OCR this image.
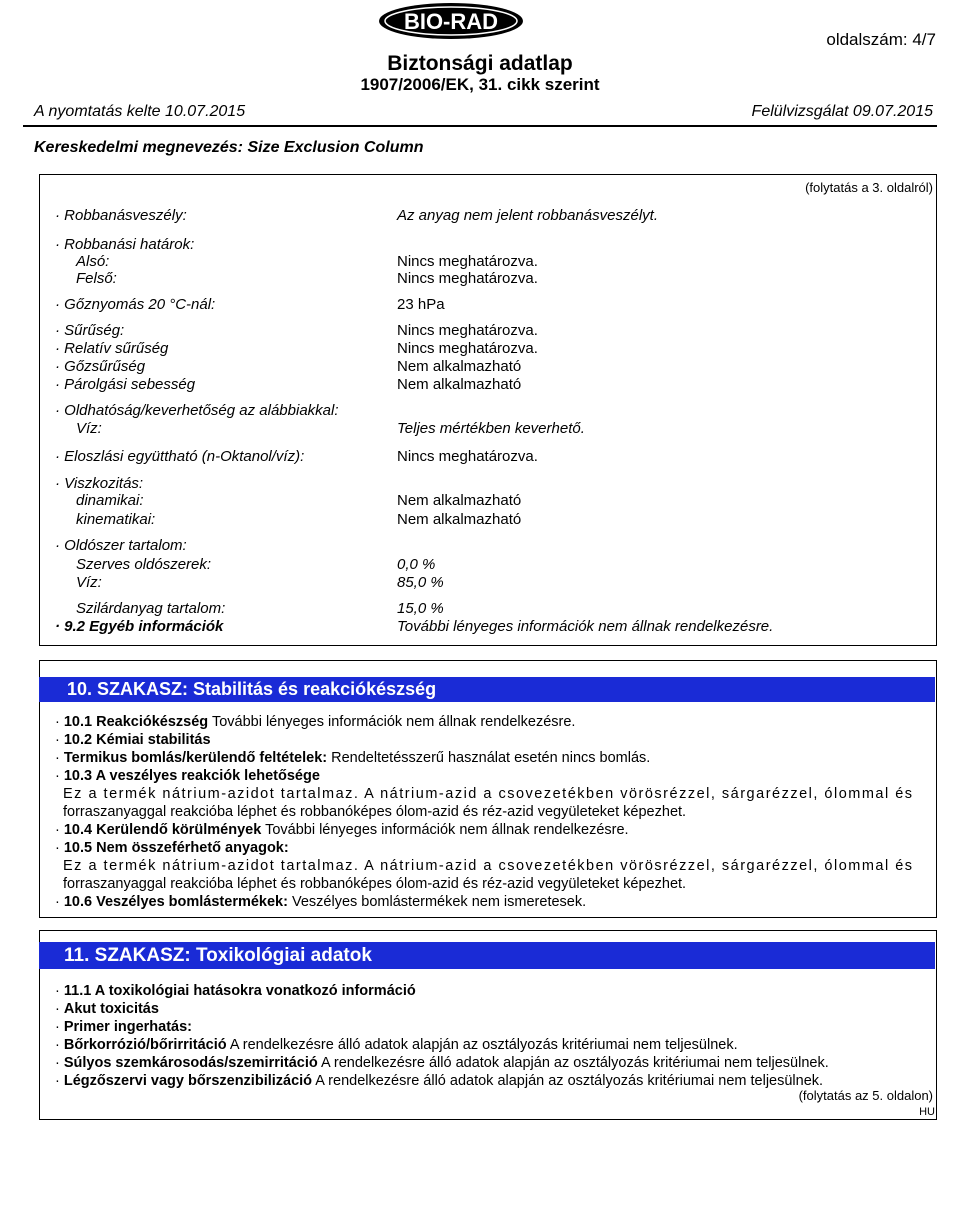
BIO-RAD
oldalszám: 4/7
Biztonsági adatlap
1907/2006/EK, 31. cikk szerint
A nyomtatás kelte 10.07.2015	Felülvizsgálat 09.07.2015
Kereskedelmi megnevezés: Size Exclusion Column
(folytatás a 3. oldalról)
· Robbanásveszély:	Az anyag nem jelent robbanásveszélyt.
· Robbanási határok:
Alsó:	Nincs meghatározva.
Felső:	Nincs meghatározva.
· Gőznyomás 20 °C-nál:	23 hPa
· Sűrűség:	Nincs meghatározva.
· Relatív sűrűség	Nincs meghatározva.
· Gőzsűrűség	Nem alkalmazható
· Párolgási sebesség	Nem alkalmazható
· Oldhatóság/keverhetőség az alábbiakkal:
Víz:	Teljes mértékben keverhető.
· Eloszlási együttható (n-Oktanol/víz):	Nincs meghatározva.
· Viszkozitás:
dinamikai:	Nem alkalmazható
kinematikai:	Nem alkalmazható
· Oldószer tartalom:
Szerves oldószerek:	0,0 %
Víz:	85,0 %
Szilárdanyag tartalom:	15,0 %
· 9.2 Egyéb információk	További lényeges információk nem állnak rendelkezésre.
10. SZAKASZ: Stabilitás és reakciókészség
· 10.1 Reakciókészség További lényeges információk nem állnak rendelkezésre.
· 10.2 Kémiai stabilitás
· Termikus bomlás/kerülendő feltételek: Rendeltetésszerű használat esetén nincs bomlás.
· 10.3 A veszélyes reakciók lehetősége
Ez a termék nátrium-azidot tartalmaz. A nátrium-azid a csovezetékben vörösrézzel, sárgarézzel, ólommal és
forraszanyaggal reakcióba léphet és robbanóképes ólom-azid és réz-azid vegyületeket képezhet.
· 10.4 Kerülendő körülmények További lényeges információk nem állnak rendelkezésre.
· 10.5 Nem összeférhető anyagok:
Ez a termék nátrium-azidot tartalmaz. A nátrium-azid a csovezetékben vörösrézzel, sárgarézzel, ólommal és
forraszanyaggal reakcióba léphet és robbanóképes ólom-azid és réz-azid vegyületeket képezhet.
· 10.6 Veszélyes bomlástermékek: Veszélyes bomlástermékek nem ismeretesek.
11. SZAKASZ: Toxikológiai adatok
· 11.1 A toxikológiai hatásokra vonatkozó információ
· Akut toxicitás
· Primer ingerhatás:
· Bőrkorrózió/bőrirritáció A rendelkezésre álló adatok alapján az osztályozás kritériumai nem teljesülnek.
· Súlyos szemkárosodás/szemirritáció A rendelkezésre álló adatok alapján az osztályozás kritériumai nem teljesülnek.
· Légzőszervi vagy bőrszenzibilizáció A rendelkezésre álló adatok alapján az osztályozás kritériumai nem teljesülnek.
(folytatás az 5. oldalon)
HU
